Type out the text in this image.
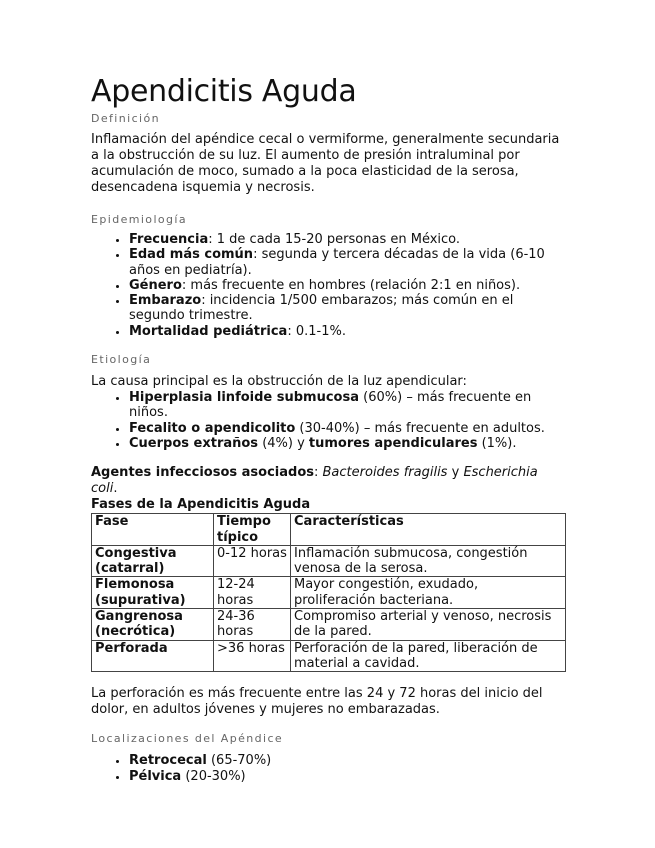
Apendicitis Aguda
Definición

Inflamación del apéndice cecal o vermiforme, generalmente secundaria a la obstrucción de su luz. El aumento de presión intraluminal por acumulación de moco, sumado a la poca elasticidad de la serosa, desencadena isquemia y necrosis.

Epidemiología
• Frecuencia: 1 de cada 15-20 personas en México.
• Edad más común: segunda y tercera décadas de la vida (6-10 años en pediatría).
• Género: más frecuente en hombres (relación 2:1 en niños).
• Embarazo: incidencia 1/500 embarazos; más común en el segundo trimestre.
• Mortalidad pediátrica: 0.1-1%.
Etiología

La causa principal es la obstrucción de la luz apendicular:

• Hiperplasia linfoide submucosa (60%) – más frecuente en niños.
• Fecalito o apendicolito (30-40%) – más frecuente en adultos.
• Cuerpos extraños (4%) y tumores apendiculares (1%).

Agentes infecciosos asociados: Bacteroides fragilis y Escherichia coli.

Fases de la Apendicitis Aguda

Fase	Tiempo típico	Características
Congestiva (catarral)	0-12 horas	Inflamación submucosa, congestión venosa de la serosa.
Flemonosa (supurativa)	12-24 horas	Mayor congestión, exudado, proliferación bacteriana.
Gangrenosa (necrótica)	24-36 horas	Compromiso arterial y venoso, necrosis de la pared.
Perforada	>36 horas	Perforación de la pared, liberación de material a cavidad.

La perforación es más frecuente entre las 24 y 72 horas del inicio del dolor, en adultos jóvenes y mujeres no embarazadas.

Localizaciones del Apéndice
• Retrocecal (65-70%)
• Pélvica (20-30%)
